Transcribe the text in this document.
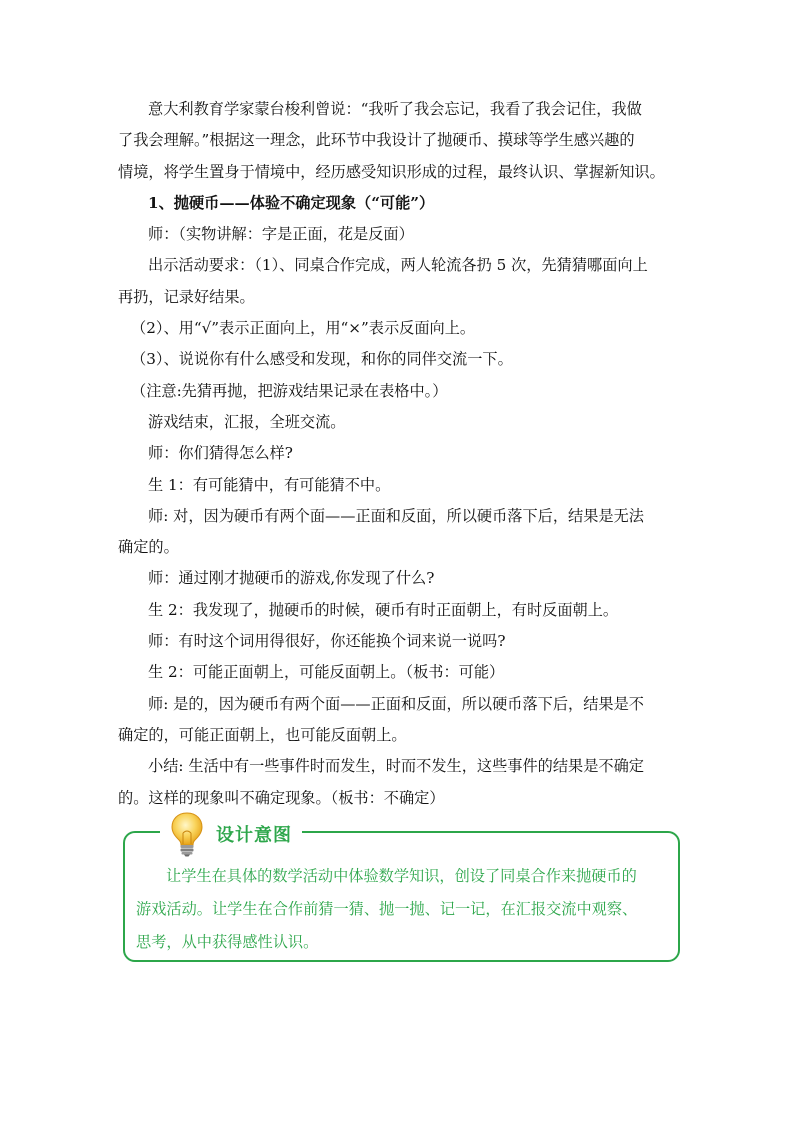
意大利教育学家蒙台梭利曾说：“我听了我会忘记，我看了我会记住，我做

了我会理解。”根据这一理念，此环节中我设计了抛硬币、摸球等学生感兴趣的

情境，将学生置身于情境中，经历感受知识形成的过程，最终认识、掌握新知识。

1、抛硬币——体验不确定现象（“可能”）

师：（实物讲解：字是正面，花是反面）

出示活动要求：（1）、同桌合作完成，两人轮流各扔 5 次，先猜猜哪面向上

再扔，记录好结果。

（2）、用“√”表示正面向上，用“×”表示反面向上。

（3）、说说你有什么感受和发现，和你的同伴交流一下。

（注意:先猜再抛，把游戏结果记录在表格中。）

游戏结束，汇报，全班交流。

师：你们猜得怎么样?

生 1：有可能猜中，有可能猜不中。

师: 对，因为硬币有两个面——正面和反面，所以硬币落下后，结果是无法

确定的。

师：通过刚才抛硬币的游戏,你发现了什么?

生 2：我发现了，抛硬币的时候，硬币有时正面朝上，有时反面朝上。

师：有时这个词用得很好，你还能换个词来说一说吗?

生 2：可能正面朝上，可能反面朝上。（板书：可能）

师: 是的，因为硬币有两个面——正面和反面，所以硬币落下后，结果是不

确定的，可能正面朝上，也可能反面朝上。

小结: 生活中有一些事件时而发生，时而不发生，这些事件的结果是不确定

的。这样的现象叫不确定现象。（板书：不确定）

设计意图

让学生在具体的数学活动中体验数学知识，创设了同桌合作来抛硬币的

游戏活动。让学生在合作前猜一猜、抛一抛、记一记，在汇报交流中观察、

思考，从中获得感性认识。
